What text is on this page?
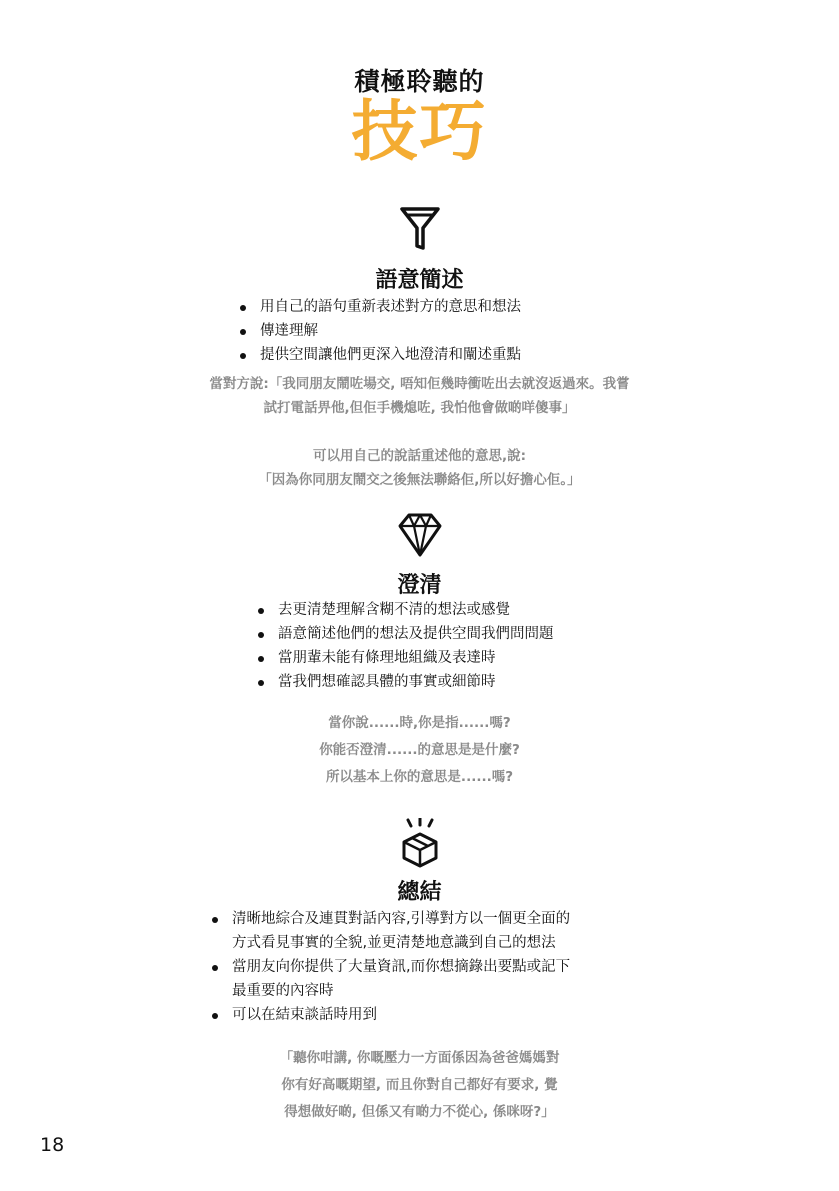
積極聆聽的
技巧
語意簡述
用自己的語句重新表述對方的意思和想法
傳達理解
提供空間讓他們更深入地澄清和闡述重點
當對方說:「我同朋友鬧咗場交, 唔知佢幾時衝咗出去就沒返過來。我嘗
試打電話畀他,但佢手機熄咗, 我怕他會做啲咩傻事」
可以用自己的說話重述他的意思,說:
「因為你同朋友鬧交之後無法聯絡佢,所以好擔心佢。」
澄清
去更清楚理解含糊不清的想法或感覺
語意簡述他們的想法及提供空間我們問問題
當朋輩未能有條理地組織及表達時
當我們想確認具體的事實或細節時
當你說......時,你是指......嗎?
你能否澄清......的意思是是什麼?
所以基本上你的意思是......嗎?
總結
清晰地綜合及連貫對話內容,引導對方以一個更全面的
方式看見事實的全貌,並更清楚地意識到自己的想法
當朋友向你提供了大量資訊,而你想摘錄出要點或記下
最重要的內容時
可以在結束談話時用到
「聽你咁講, 你嘅壓力一方面係因為爸爸媽媽對
你有好高嘅期望, 而且你對自己都好有要求, 覺
得想做好啲, 但係又有啲力不從心, 係咪呀?」
18
